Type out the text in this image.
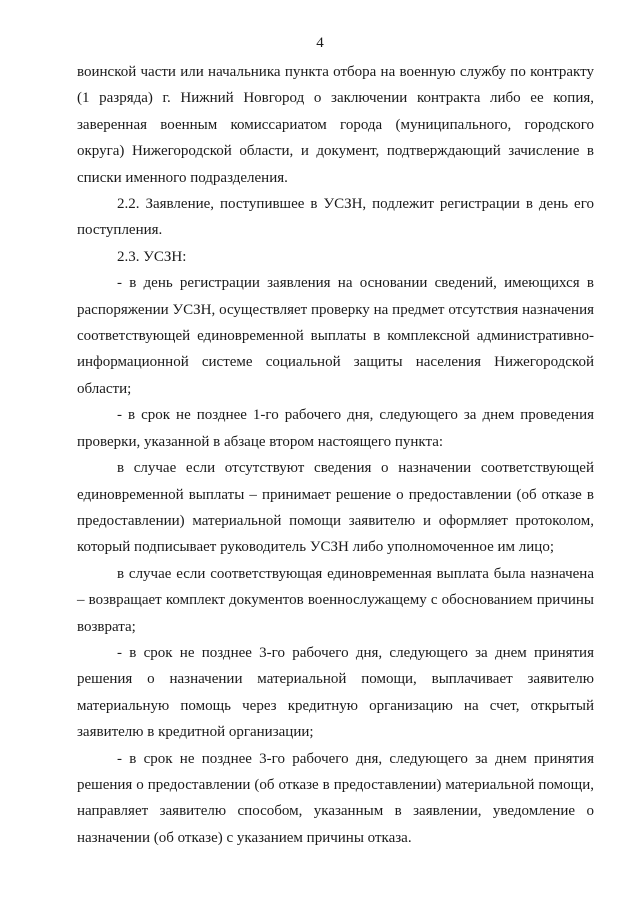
4

воинской части или начальника пункта отбора на военную службу по контракту (1 разряда) г. Нижний Новгород о заключении контракта либо ее копия, заверенная военным комиссариатом города (муниципального, городского округа) Нижегородской области, и документ, подтверждающий зачисление в списки именного подразделения.

2.2. Заявление, поступившее в УСЗН, подлежит регистрации в день его поступления.

2.3. УСЗН:

- в день регистрации заявления на основании сведений, имеющихся в распоряжении УСЗН, осуществляет проверку на предмет отсутствия назначения соответствующей единовременной выплаты в комплексной административно-информационной системе социальной защиты населения Нижегородской области;

- в срок не позднее 1-го рабочего дня, следующего за днем проведения проверки, указанной в абзаце втором настоящего пункта:

в случае если отсутствуют сведения о назначении соответствующей единовременной выплаты – принимает решение о предоставлении (об отказе в предоставлении) материальной помощи заявителю и оформляет протоколом, который подписывает руководитель УСЗН либо уполномоченное им лицо;

в случае если соответствующая единовременная выплата была назначена – возвращает комплект документов военнослужащему с обоснованием причины возврата;

- в срок не позднее 3-го рабочего дня, следующего за днем принятия решения о назначении материальной помощи, выплачивает заявителю материальную помощь через кредитную организацию на счет, открытый заявителю в кредитной организации;

- в срок не позднее 3-го рабочего дня, следующего за днем принятия решения о предоставлении (об отказе в предоставлении) материальной помощи, направляет заявителю способом, указанным в заявлении, уведомление о назначении (об отказе) с указанием причины отказа.
